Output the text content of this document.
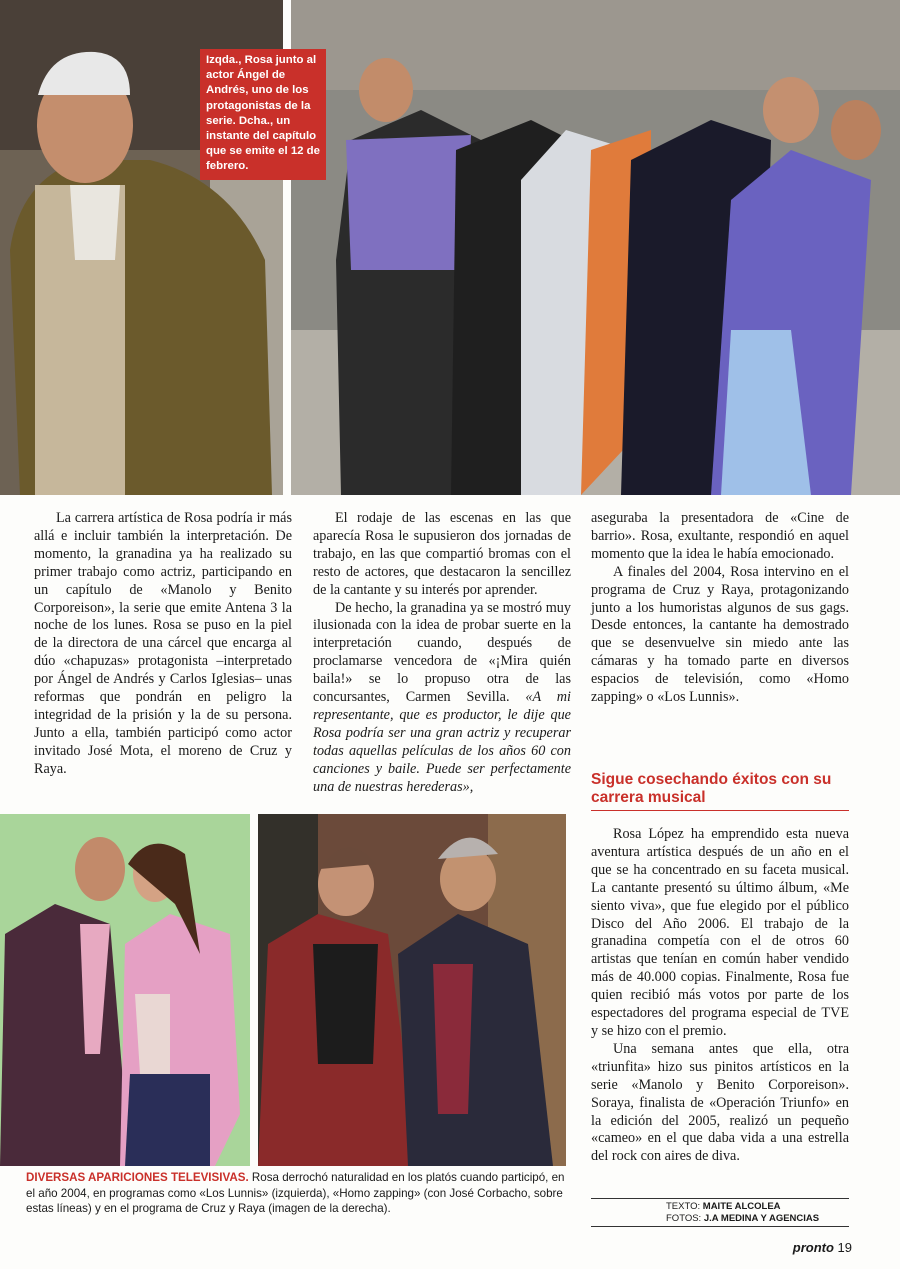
Izqda., Rosa junto al actor Ángel de Andrés, uno de los protagonistas de la serie. Dcha., un instante del capítulo que se emite el 12 de febrero.

La carrera artística de Rosa podría ir más allá e incluir también la interpretación. De momento, la granadina ya ha realizado su primer trabajo como actriz, participando en un capítulo de «Manolo y Benito Corporeison», la serie que emite Antena 3 la noche de los lunes. Rosa se puso en la piel de la directora de una cárcel que encarga al dúo «chapuzas» protagonista –interpretado por Ángel de Andrés y Carlos Iglesias– unas reformas que pondrán en peligro la integridad de la prisión y la de su persona. Junto a ella, también participó como actor invitado José Mota, el moreno de Cruz y Raya.

El rodaje de las escenas en las que aparecía Rosa le supusieron dos jornadas de trabajo, en las que compartió bromas con el resto de actores, que destacaron la sencillez de la cantante y su interés por aprender.

De hecho, la granadina ya se mostró muy ilusionada con la idea de probar suerte en la interpretación cuando, después de proclamarse vencedora de «¡Mira quién baila!» se lo propuso otra de las concursantes, Carmen Sevilla. «A mi representante, que es productor, le dije que Rosa podría ser una gran actriz y recuperar todas aquellas películas de los años 60 con canciones y baile. Puede ser perfectamente una de nuestras herederas»,

aseguraba la presentadora de «Cine de barrio». Rosa, exultante, respondió en aquel momento que la idea le había emocionado.

A finales del 2004, Rosa intervino en el programa de Cruz y Raya, protagonizando junto a los humoristas algunos de sus gags. Desde entonces, la cantante ha demostrado que se desenvuelve sin miedo ante las cámaras y ha tomado parte en diversos espacios de televisión, como «Homo zapping» o «Los Lunnis».

Sigue cosechando éxitos con su carrera musical

Rosa López ha emprendido esta nueva aventura artística después de un año en el que se ha concentrado en su faceta musical. La cantante presentó su último álbum, «Me siento viva», que fue elegido por el público Disco del Año 2006. El trabajo de la granadina competía con el de otros 60 artistas que tenían en común haber vendido más de 40.000 copias. Finalmente, Rosa fue quien recibió más votos por parte de los espectadores del programa especial de TVE y se hizo con el premio.

Una semana antes que ella, otra «triunfita» hizo sus pinitos artísticos en la serie «Manolo y Benito Corporeison». Soraya, finalista de «Operación Triunfo» en la edición del 2005, realizó un pequeño «cameo» en el que daba vida a una estrella del rock con aires de diva.

DIVERSAS APARICIONES TELEVISIVAS. Rosa derrochó naturalidad en los platós cuando participó, en el año 2004, en programas como «Los Lunnis» (izquierda), «Homo zapping» (con José Corbacho, sobre estas líneas) y en el programa de Cruz y Raya (imagen de la derecha).	TEXTO: MAITE ALCOLEA
FOTOS: J.A MEDINA Y AGENCIAS
pronto 19
